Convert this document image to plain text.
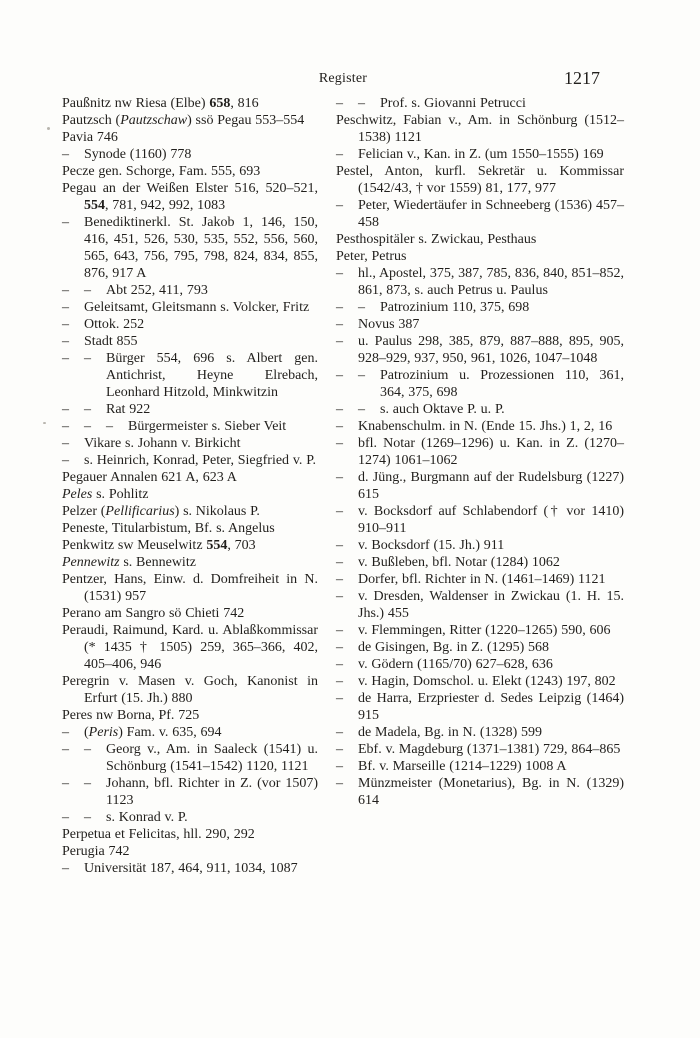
Register	1217

Paußnitz nw Riesa (Elbe) 658, 816

Pautzsch (Pautzschaw) ssö Pegau 553–554

Pavia 746

– Synode (1160) 778

Pecze gen. Schorge, Fam. 555, 693

Pegau an der Weißen Elster 516, 520–521, 554, 781, 942, 992, 1083

– Benediktinerkl. St. Jakob 1, 146, 150, 416, 451, 526, 530, 535, 552, 556, 560, 565, 643, 756, 795, 798, 824, 834, 855, 876, 917 A

– – Abt 252, 411, 793

– Geleitsamt, Gleitsmann s. Volcker, Fritz

– Ottok. 252

– Stadt 855

– – Bürger 554, 696 s. Albert gen. Antichrist, Heyne Elrebach, Leonhard Hitzold, Minkwitzin

– – Rat 922

– – – Bürgermeister s. Sieber Veit

– Vikare s. Johann v. Birkicht

– s. Heinrich, Konrad, Peter, Siegfried v. P.

Pegauer Annalen 621 A, 623 A

Peles s. Pohlitz

Pelzer (Pellificarius) s. Nikolaus P.

Peneste, Titularbistum, Bf. s. Angelus

Penkwitz sw Meuselwitz 554, 703

Pennewitz s. Bennewitz

Pentzer, Hans, Einw. d. Domfreiheit in N. (1531) 957

Perano am Sangro sö Chieti 742

Peraudi, Raimund, Kard. u. Ablaßkommissar (* 1435 † 1505) 259, 365–366, 402, 405–406, 946

Peregrin v. Masen v. Goch, Kanonist in Erfurt (15. Jh.) 880

Peres nw Borna, Pf. 725

– (Peris) Fam. v. 635, 694

– – Georg v., Am. in Saaleck (1541) u. Schönburg (1541–1542) 1120, 1121

– – Johann, bfl. Richter in Z. (vor 1507) 1123

– – s. Konrad v. P.

Perpetua et Felicitas, hll. 290, 292

Perugia 742

– Universität 187, 464, 911, 1034, 1087

– – Prof. s. Giovanni Petrucci

Peschwitz, Fabian v., Am. in Schönburg (1512–1538) 1121

– Felician v., Kan. in Z. (um 1550–1555) 169

Pestel, Anton, kurfl. Sekretär u. Kommissar (1542/43, † vor 1559) 81, 177, 977

– Peter, Wiedertäufer in Schneeberg (1536) 457–458

Pesthospitäler s. Zwickau, Pesthaus

Peter, Petrus

– hl., Apostel, 375, 387, 785, 836, 840, 851–852, 861, 873, s. auch Petrus u. Paulus

– – Patrozinium 110, 375, 698

– Novus 387

– u. Paulus 298, 385, 879, 887–888, 895, 905, 928–929, 937, 950, 961, 1026, 1047–1048

– – Patrozinium u. Prozessionen 110, 361, 364, 375, 698

– – s. auch Oktave P. u. P.

– Knabenschulm. in N. (Ende 15. Jhs.) 1, 2, 16

– bfl. Notar (1269–1296) u. Kan. in Z. (1270–1274) 1061–1062

– d. Jüng., Burgmann auf der Rudelsburg (1227) 615

– v. Bocksdorf auf Schlabendorf († vor 1410) 910–911

– v. Bocksdorf (15. Jh.) 911

– v. Bußleben, bfl. Notar (1284) 1062

– Dorfer, bfl. Richter in N. (1461–1469) 1121

– v. Dresden, Waldenser in Zwickau (1. H. 15. Jhs.) 455

– v. Flemmingen, Ritter (1220–1265) 590, 606

– de Gisingen, Bg. in Z. (1295) 568

– v. Gödern (1165/70) 627–628, 636

– v. Hagin, Domschol. u. Elekt (1243) 197, 802

– de Harra, Erzpriester d. Sedes Leipzig (1464) 915

– de Madela, Bg. in N. (1328) 599

– Ebf. v. Magdeburg (1371–1381) 729, 864–865

– Bf. v. Marseille (1214–1229) 1008 A

– Münzmeister (Monetarius), Bg. in N. (1329) 614
